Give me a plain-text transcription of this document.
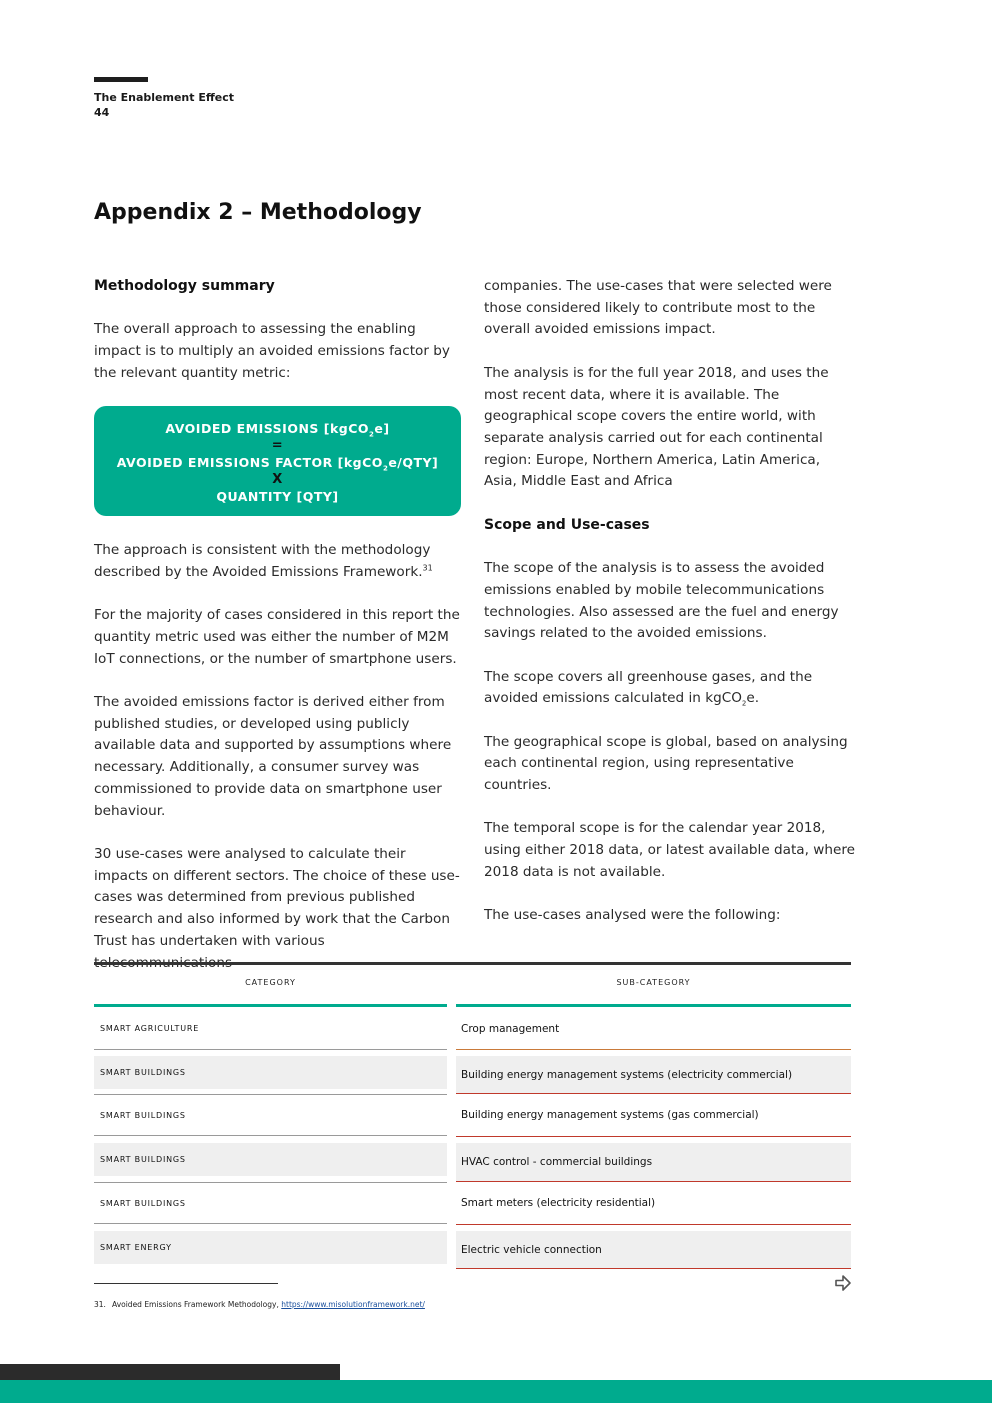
The Enablement Effect
44
Appendix 2 – Methodology
Methodology summary

The overall approach to assessing the enabling impact is to multiply an avoided emissions factor by the relevant quantity metric:

AVOIDED EMISSIONS [kgCO$_2$e]
=
AVOIDED EMISSIONS FACTOR [kgCO$_2$e/QTY]
X
QUANTITY [QTY]

The approach is consistent with the methodology described by the Avoided Emissions Framework.$^{31}$

For the majority of cases considered in this report the quantity metric used was either the number of M2M IoT connections, or the number of smartphone users.

The avoided emissions factor is derived either from published studies, or developed using publicly available data and supported by assumptions where necessary. Additionally, a consumer survey was commissioned to provide data on smartphone user behaviour.

30 use-cases were analysed to calculate their impacts on different sectors. The choice of these use-cases was determined from previous published research and also informed by work that the Carbon Trust has undertaken with various

companies. The use-cases that were selected were those considered likely to contribute most to the overall avoided emissions impact.

The analysis is for the full year 2018, and uses the most recent data, where it is available. The geographical scope covers the entire world, with separate analysis carried out for each continental region: Europe, Northern America, Latin America, Asia, Middle East and Africa

Scope and Use-cases

The scope of the analysis is to assess the avoided emissions enabled by mobile telecommunications technologies. Also assessed are the fuel and energy savings related to the avoided emissions.

The scope covers all greenhouse gases, and the avoided emissions calculated in kgCO$_2$e.

The geographical scope is global, based on analysing each continental region, using representative countries.

The temporal scope is for the calendar year 2018, using either 2018 data, or latest available data, where 2018 data is not available.

The use-cases analysed were the following:

CATEGORY	SUB-CATEGORY
SMART AGRICULTURE	Crop management
SMART BUILDINGS	Building energy management systems (electricity commercial)
SMART BUILDINGS	Building energy management systems (gas commercial)
SMART BUILDINGS	HVAC control - commercial buildings
SMART BUILDINGS	Smart meters (electricity residential)
SMART ENERGY	Electric vehicle connection
31. Avoided Emissions Framework Methodology, https://www.misolutionframework.net/
